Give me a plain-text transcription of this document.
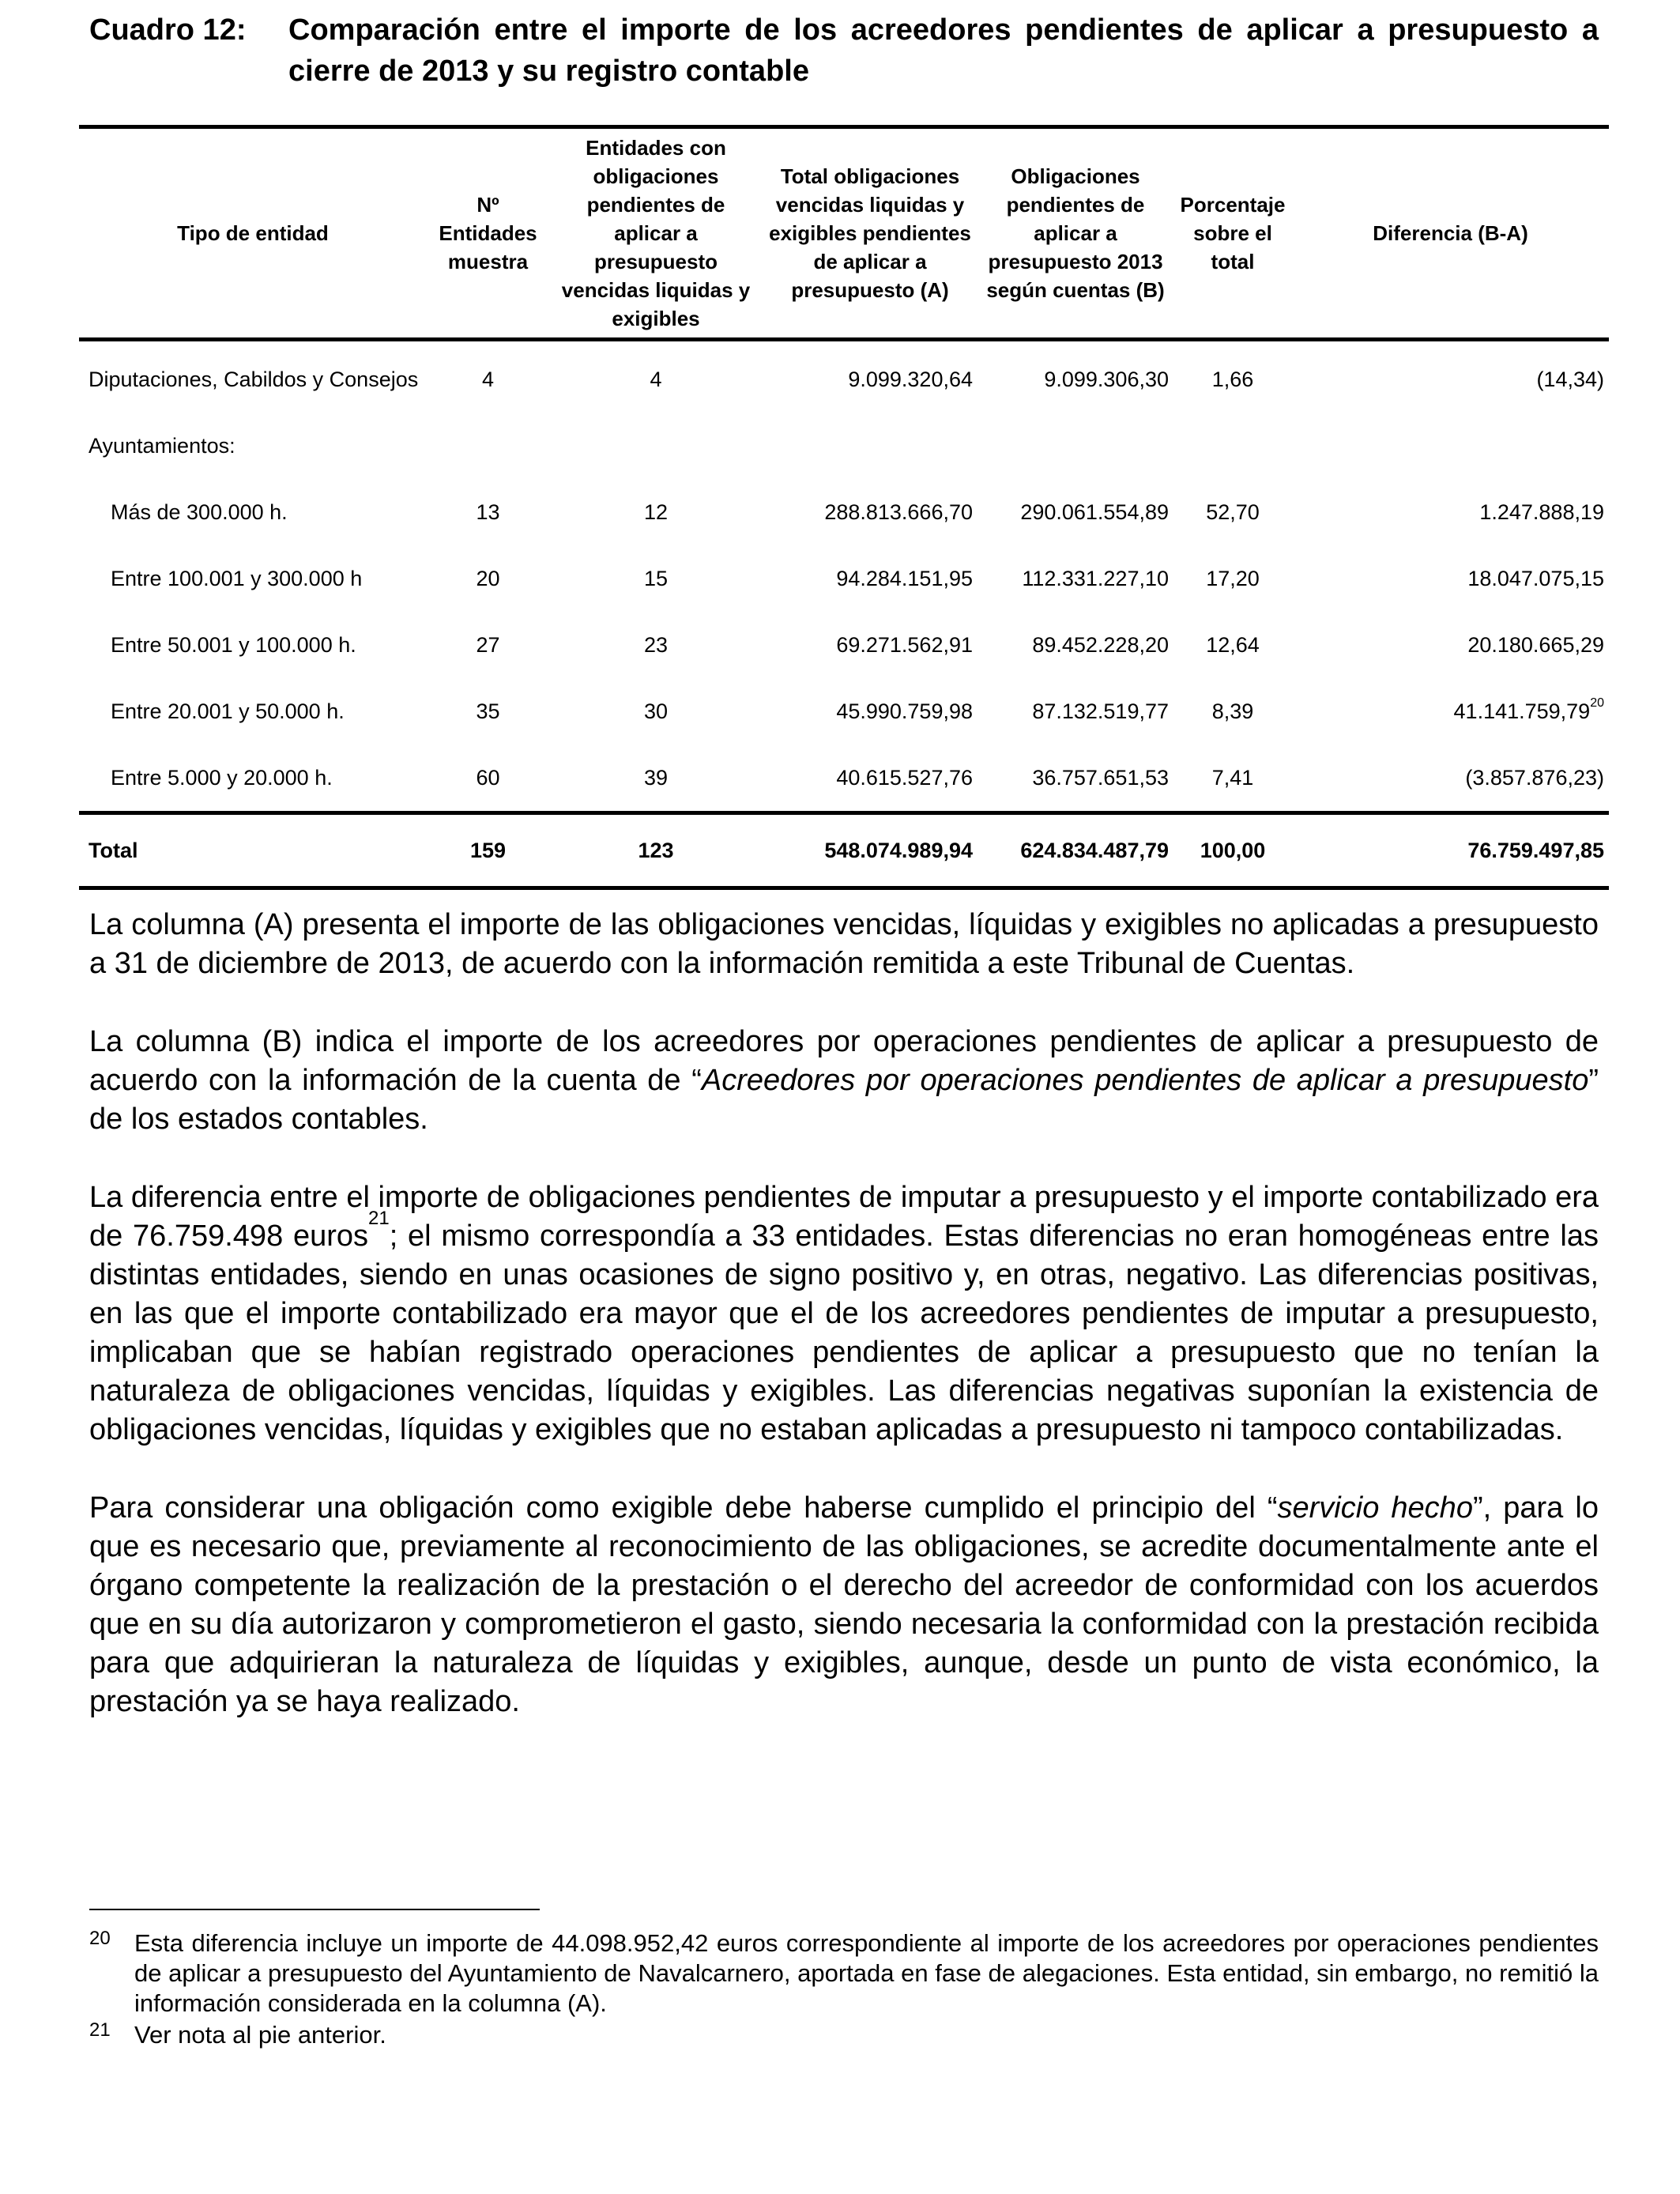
Cuadro 12: Comparación entre el importe de los acreedores pendientes de aplicar a presupuesto a cierre de 2013 y su registro contable
Tipo de entidad	Nº Entidades muestra	Entidades con obligaciones pendientes de aplicar a presupuesto vencidas liquidas y exigibles	Total obligaciones vencidas liquidas y exigibles pendientes de aplicar a presupuesto (A)	Obligaciones pendientes de aplicar a presupuesto 2013 según cuentas (B)	Porcentaje sobre el total	Diferencia (B-A)

Diputaciones, Cabildos y Consejos	4	4	9.099.320,64	9.099.306,30	1,66	(14,34)
Ayuntamientos:						
Más de 300.000 h.	13	12	288.813.666,70	290.061.554,89	52,70	1.247.888,19
Entre 100.001 y 300.000 h	20	15	94.284.151,95	112.331.227,10	17,20	18.047.075,15
Entre 50.001 y 100.000 h.	27	23	69.271.562,91	89.452.228,20	12,64	20.180.665,29
Entre 20.001 y 50.000 h.	35	30	45.990.759,98	87.132.519,77	8,39	41.141.759,79$^{20}$
Entre 5.000 y 20.000 h.	60	39	40.615.527,76	36.757.651,53	7,41	(3.857.876,23)
Total	159	123	548.074.989,94	624.834.487,79	100,00	76.759.497,85

La columna (A) presenta el importe de las obligaciones vencidas, líquidas y exigibles no aplicadas a presupuesto a 31 de diciembre de 2013, de acuerdo con la información remitida a este Tribunal de Cuentas.

La columna (B) indica el importe de los acreedores por operaciones pendientes de aplicar a presupuesto de acuerdo con la información de la cuenta de “Acreedores por operaciones pendientes de aplicar a presupuesto” de los estados contables.

La diferencia entre el importe de obligaciones pendientes de imputar a presupuesto y el importe contabilizado era de 76.759.498 euros$^{21}$; el mismo correspondía a 33 entidades. Estas diferencias no eran homogéneas entre las distintas entidades, siendo en unas ocasiones de signo positivo y, en otras, negativo. Las diferencias positivas, en las que el importe contabilizado era mayor que el de los acreedores pendientes de imputar a presupuesto, implicaban que se habían registrado operaciones pendientes de aplicar a presupuesto que no tenían la naturaleza de obligaciones vencidas, líquidas y exigibles. Las diferencias negativas suponían la existencia de obligaciones vencidas, líquidas y exigibles que no estaban aplicadas a presupuesto ni tampoco contabilizadas.

Para considerar una obligación como exigible debe haberse cumplido el principio del “servicio hecho”, para lo que es necesario que, previamente al reconocimiento de las obligaciones, se acredite documentalmente ante el órgano competente la realización de la prestación o el derecho del acreedor de conformidad con los acuerdos que en su día autorizaron y comprometieron el gasto, siendo necesaria la conformidad con la prestación recibida para que adquirieran la naturaleza de líquidas y exigibles, aunque, desde un punto de vista económico, la prestación ya se haya realizado.

20 Esta diferencia incluye un importe de 44.098.952,42 euros correspondiente al importe de los acreedores por operaciones pendientes de aplicar a presupuesto del Ayuntamiento de Navalcarnero, aportada en fase de alegaciones. Esta entidad, sin embargo, no remitió la información considerada en la columna (A).
21 Ver nota al pie anterior.
